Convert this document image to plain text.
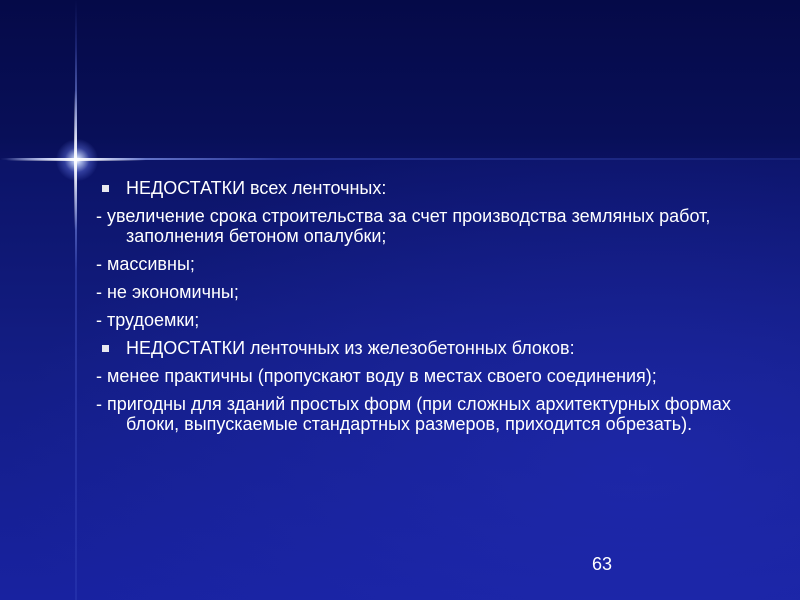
НЕДОСТАТКИ всех ленточных:
- увеличение срока строительства за счет производства земляных работ, заполнения бетоном опалубки;
- массивны;
- не экономичны;
- трудоемки;
НЕДОСТАТКИ ленточных из железобетонных блоков:
- менее практичны (пропускают воду в местах своего соединения);
- пригодны для зданий простых форм (при сложных архитектурных формах блоки, выпускаемые стандартных размеров, приходится обрезать).
63
